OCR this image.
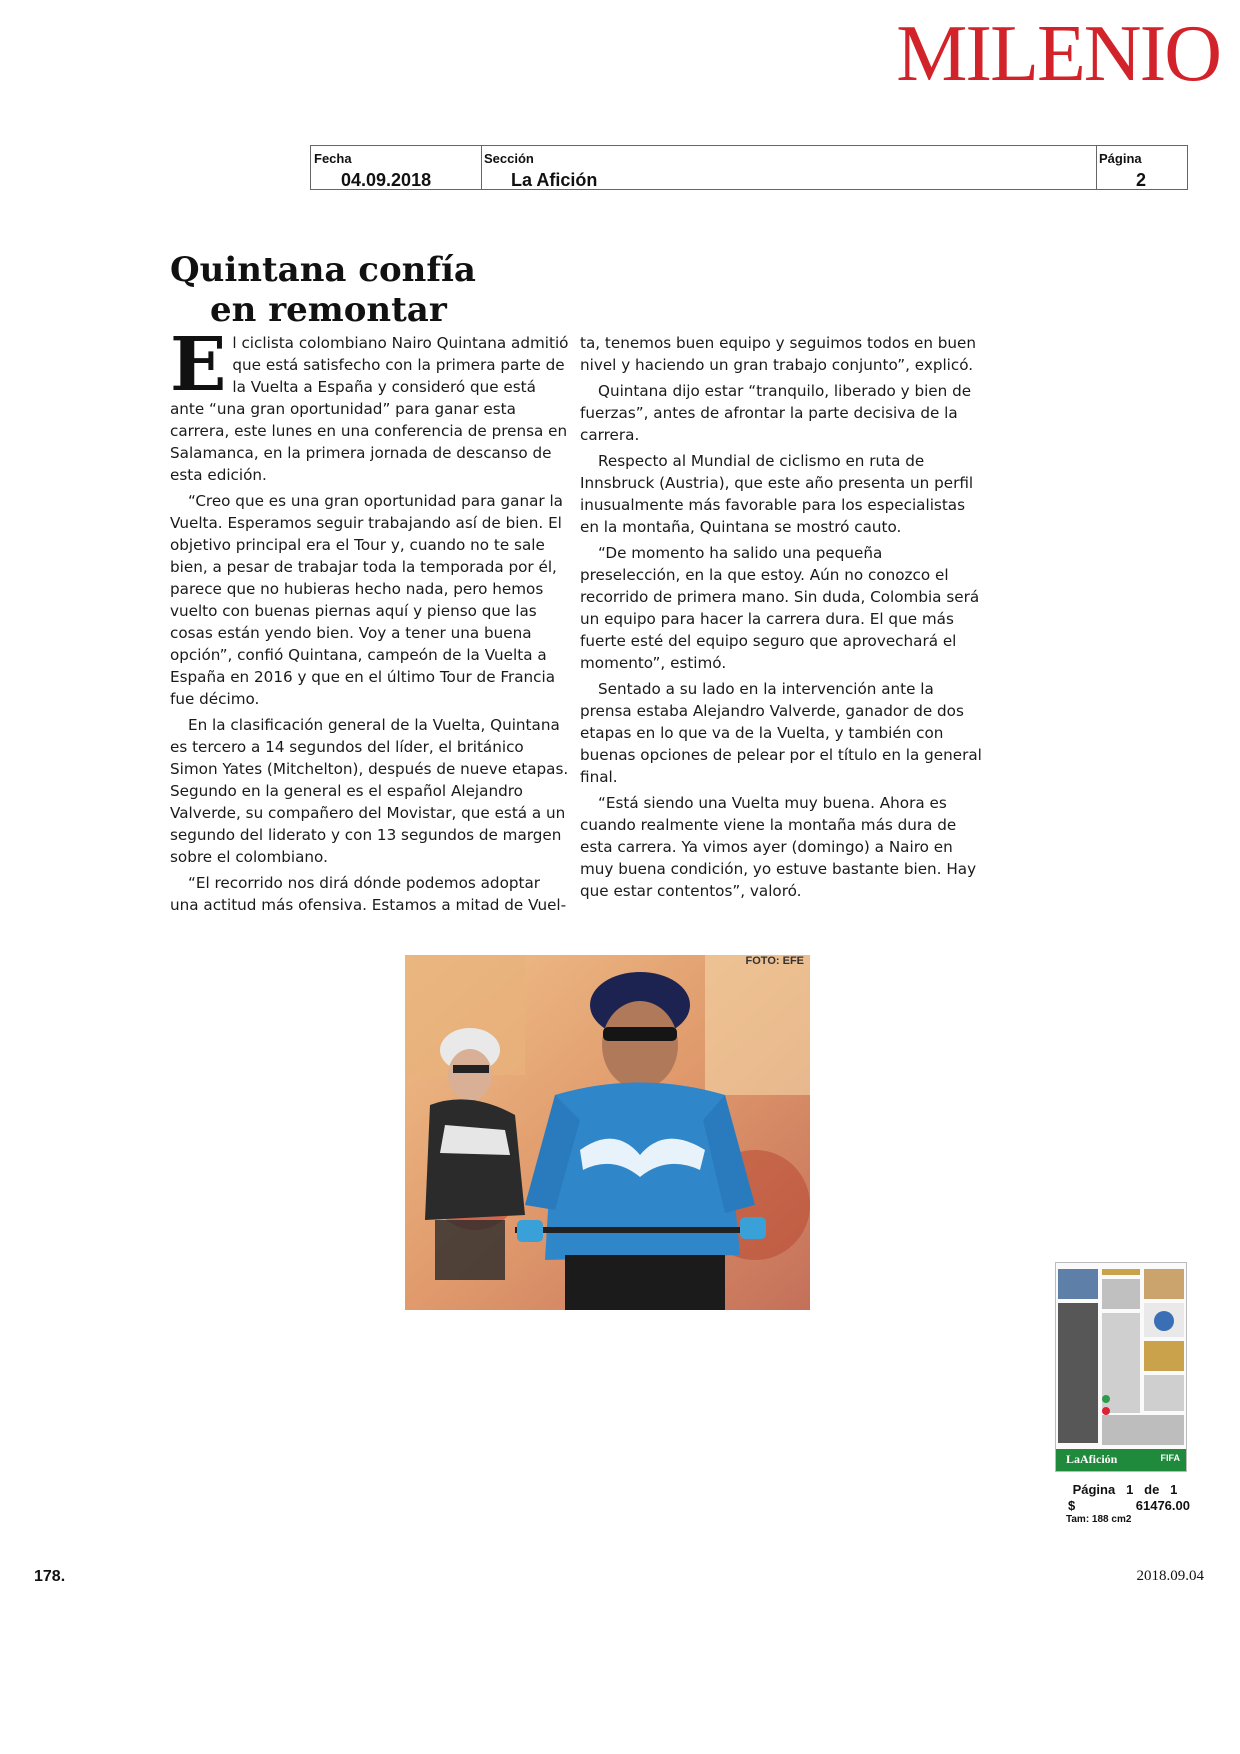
MILENIO
Fecha
04.09.2018
Sección
La Afición
Página
2
Quintana confía
en remontar

El ciclista colombiano Nairo Quintana admitió que está satisfecho con la primera parte de la Vuelta a España y consideró que está ante “una gran oportunidad” para ganar esta carrera, este lunes en una conferencia de prensa en Salamanca, en la primera jornada de descanso de esta edición.

“Creo que es una gran oportunidad para ganar la Vuelta. Esperamos seguir trabajando así de bien. El objetivo principal era el Tour y, cuando no te sale bien, a pesar de trabajar toda la temporada por él, parece que no hubieras hecho nada, pero hemos vuelto con buenas piernas aquí y pienso que las cosas están yendo bien. Voy a tener una buena opción”, confió Quintana, campeón de la Vuelta a España en 2016 y que en el último Tour de Francia fue décimo.

En la clasificación general de la Vuelta, Quintana es tercero a 14 segundos del líder, el británico Simon Yates (Mitchelton), después de nueve etapas. Segundo en la general es el español Alejandro Valverde, su compañero del Movistar, que está a un segundo del liderato y con 13 segundos de margen sobre el colombiano.

“El recorrido nos dirá dónde podemos adoptar una actitud más ofensiva. Estamos a mitad de Vuel-

ta, tenemos buen equipo y seguimos todos en buen nivel y haciendo un gran trabajo conjunto”, explicó.

Quintana dijo estar “tranquilo, liberado y bien de fuerzas”, antes de afrontar la parte decisiva de la carrera.

Respecto al Mundial de ciclismo en ruta de Innsbruck (Austria), que este año presenta un perfil inusualmente más favorable para los especialistas en la montaña, Quintana se mostró cauto.

“De momento ha salido una pequeña preselección, en la que estoy. Aún no conozco el recorrido de primera mano. Sin duda, Colombia será un equipo para hacer la carrera dura. El que más fuerte esté del equipo seguro que aprovechará el momento”, estimó.

Sentado a su lado en la intervención ante la prensa estaba Alejandro Valverde, ganador de dos etapas en lo que va de la Vuelta, y también con buenas opciones de pelear por el título en la general final.

“Está siendo una Vuelta muy buena. Ahora es cuando realmente viene la montaña más dura de esta carrera. Ya vimos ayer (domingo) a Nairo en muy buena condición, yo estuve bastante bien. Hay que estar contentos”, valoró.

FOTO: EFE
LaAfición	FIFA
Página 1 de 1
$	61476.00
Tam: 188 cm2
178.	2018.09.04
